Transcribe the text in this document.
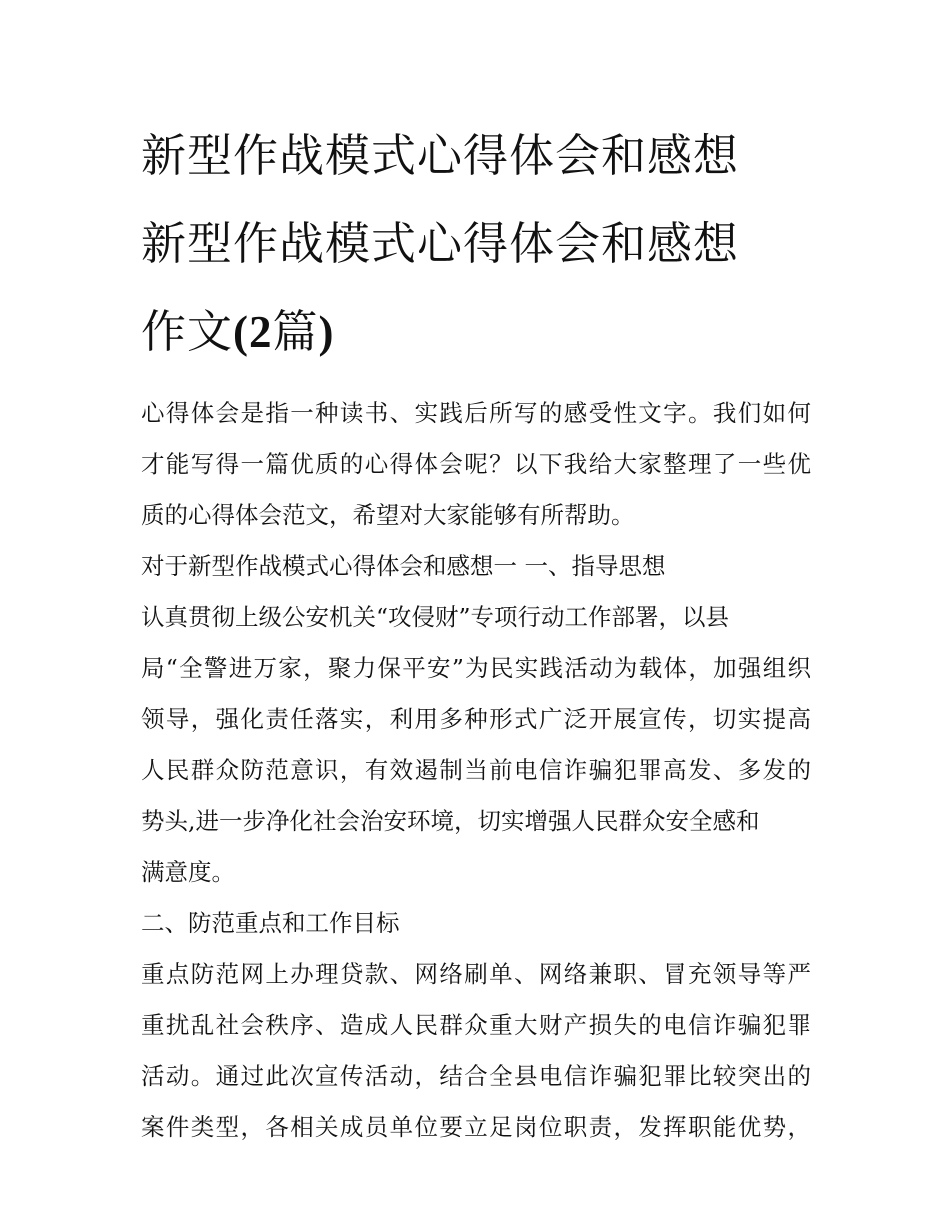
新型作战模式心得体会和感想
新型作战模式心得体会和感想
作文(2篇)
心得体会是指一种读书、实践后所写的感受性文字。我们如何
才能写得一篇优质的心得体会呢？以下我给大家整理了一些优
质的心得体会范文，希望对大家能够有所帮助。
对于新型作战模式心得体会和感想一 一、指导思想
认真贯彻上级公安机关“攻侵财”专项行动工作部署，以县
局“全警进万家，聚力保平安”为民实践活动为载体，加强组织
领导，强化责任落实，利用多种形式广泛开展宣传，切实提高
人民群众防范意识，有效遏制当前电信诈骗犯罪高发、多发的
势头,进一步净化社会治安环境，切实增强人民群众安全感和
满意度。
二、防范重点和工作目标
重点防范网上办理贷款、网络刷单、网络兼职、冒充领导等严
重扰乱社会秩序、造成人民群众重大财产损失的电信诈骗犯罪
活动。通过此次宣传活动，结合全县电信诈骗犯罪比较突出的
案件类型，各相关成员单位要立足岗位职责，发挥职能优势，
